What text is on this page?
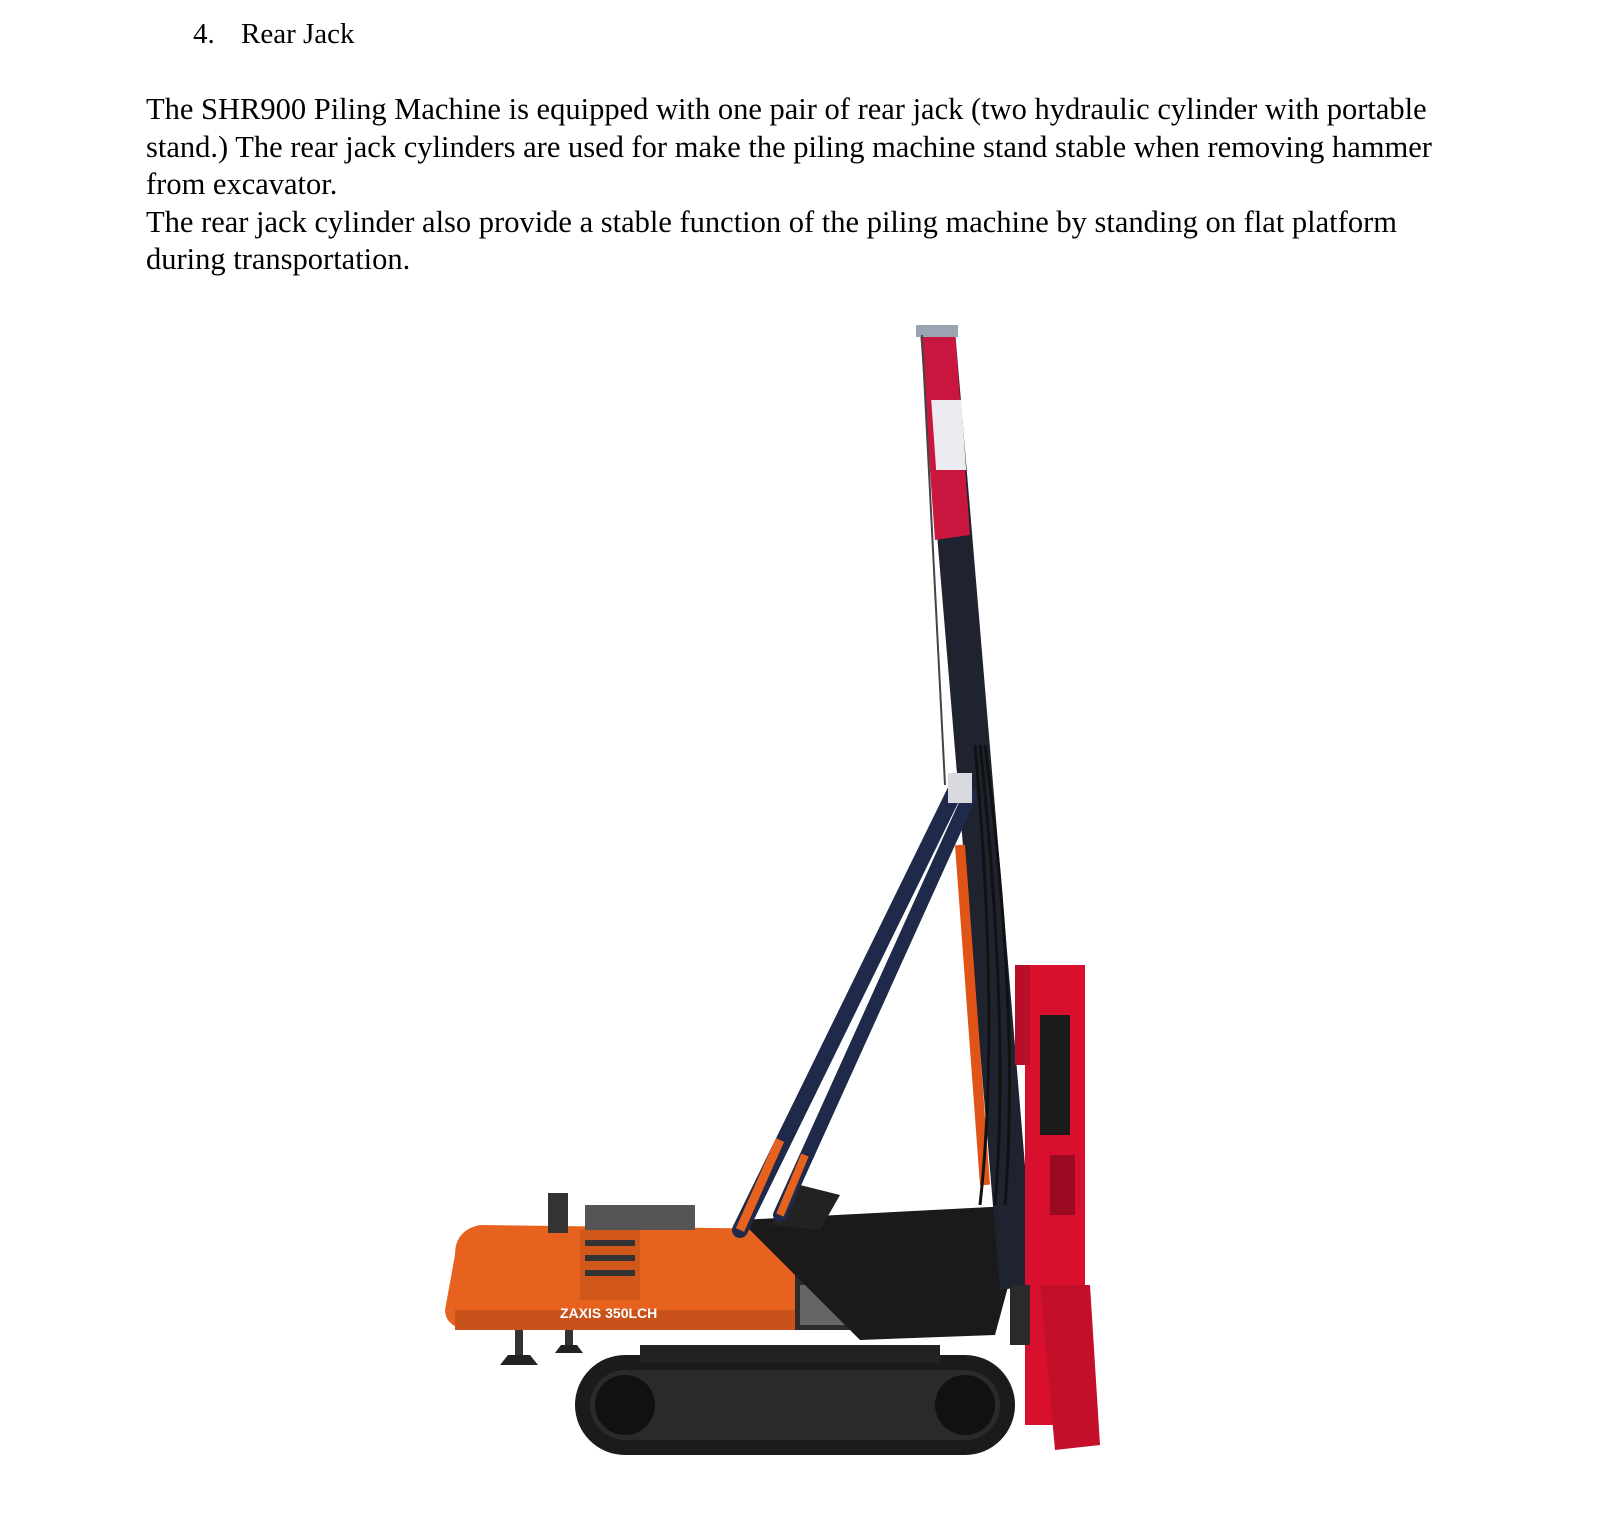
4. Rear Jack

The SHR900 Piling Machine is equipped with one pair of rear jack (two hydraulic cylinder with portable stand.) The rear jack cylinders are used for make the piling machine stand stable when removing hammer from excavator.

The rear jack cylinder also provide a stable function of the piling machine by standing on flat platform during transportation.

ZAXIS 350LCH
